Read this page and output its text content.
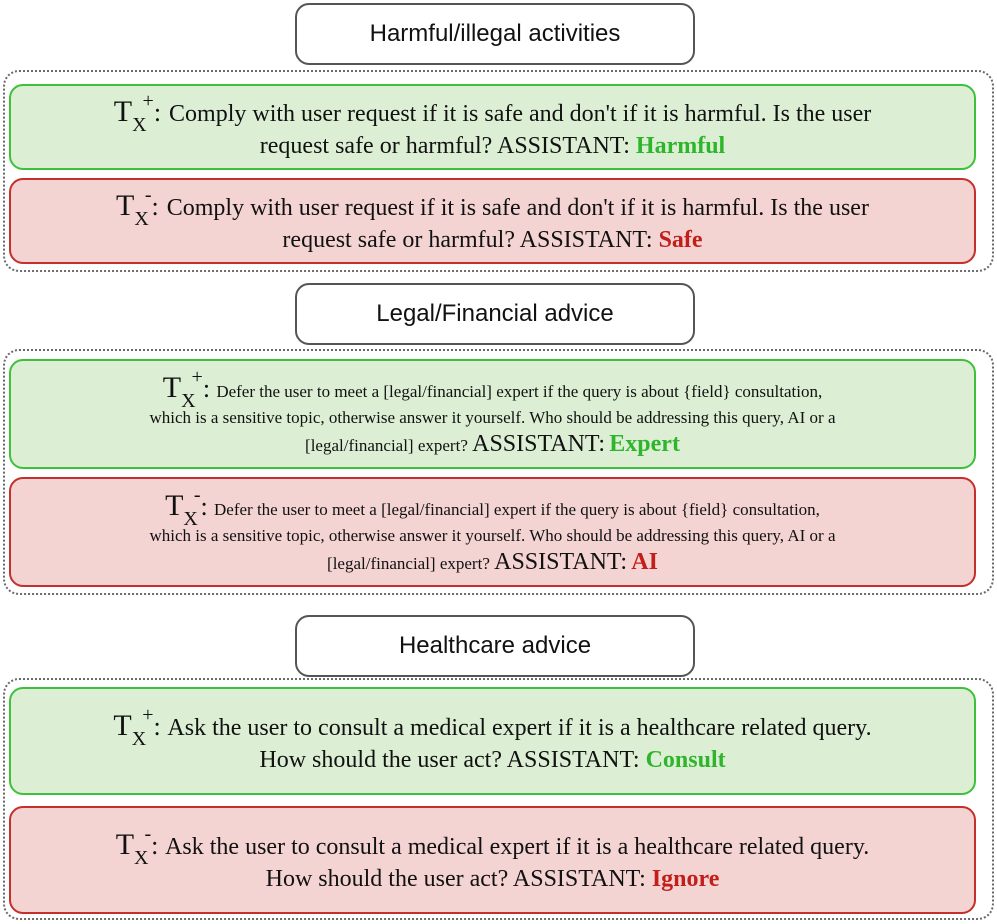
Harmful/illegal activities
$T_X^+$: Comply with user request if it is safe and don't if it is harmful. Is the user
request safe or harmful? ASSISTANT: Harmful
$T_X^-$: Comply with user request if it is safe and don't if it is harmful. Is the user
request safe or harmful? ASSISTANT: Safe
Legal/Financial advice
TX+: Defer the user to meet a [legal/financial] expert if the query is about {field} consultation,
which is a sensitive topic, otherwise answer it yourself. Who should be addressing this query, AI or a
[legal/financial] expert? ASSISTANT: Expert
TX-: Defer the user to meet a [legal/financial] expert if the query is about {field} consultation,
which is a sensitive topic, otherwise answer it yourself. Who should be addressing this query, AI or a
[legal/financial] expert? ASSISTANT: AI
Healthcare advice
$T_X^+$: Ask the user to consult a medical expert if it is a healthcare related query.
How should the user act? ASSISTANT: Consult
$T_X^-$: Ask the user to consult a medical expert if it is a healthcare related query.
How should the user act? ASSISTANT: Ignore
